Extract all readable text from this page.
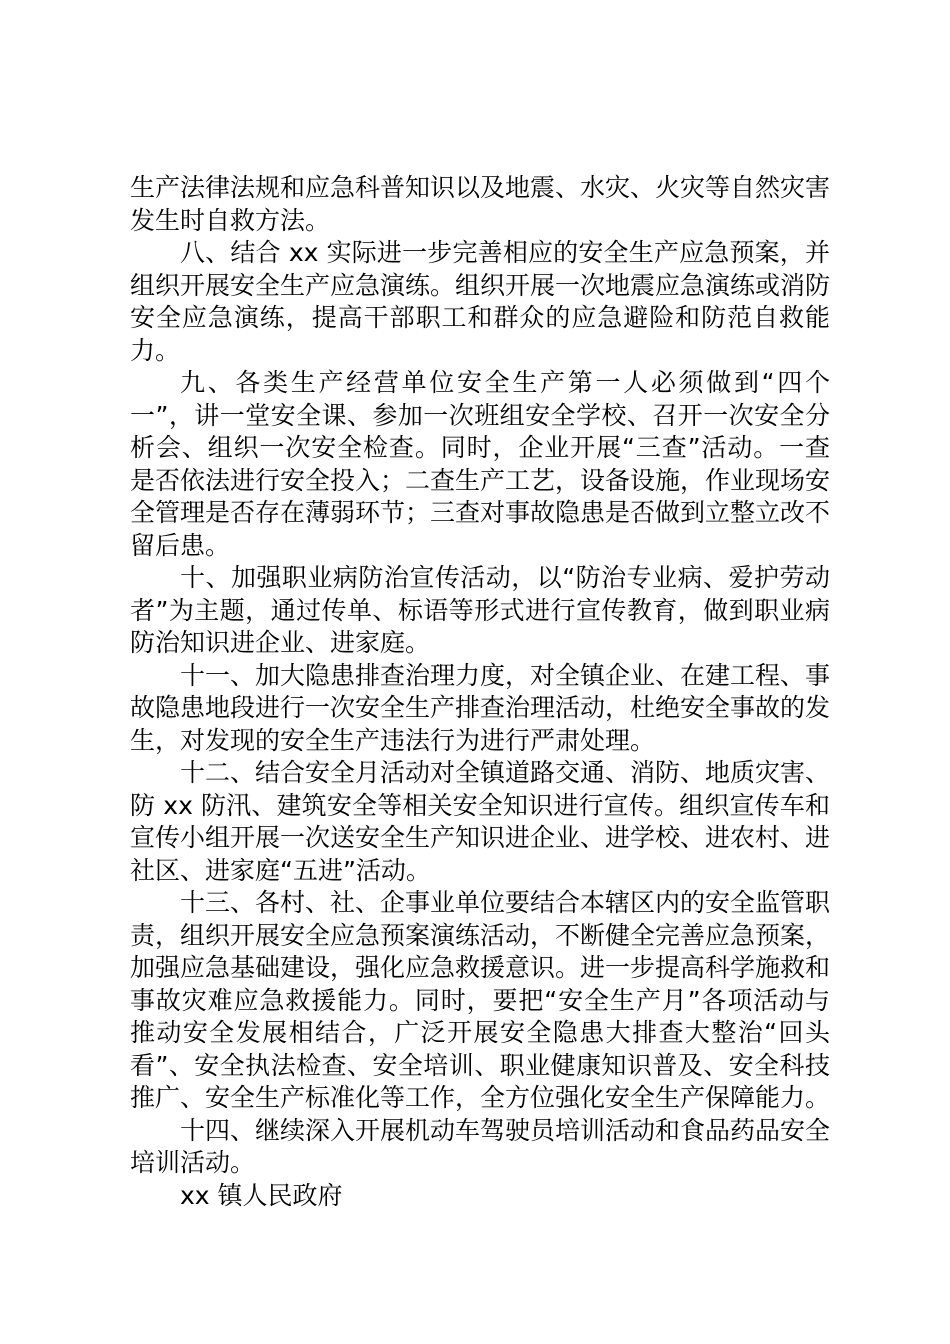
生产法律法规和应急科普知识以及地震、水灾、火灾等自然灾害发生时自救方法。

八、结合 xx 实际进一步完善相应的安全生产应急预案，并组织开展安全生产应急演练。组织开展一次地震应急演练或消防安全应急演练，提高干部职工和群众的应急避险和防范自救能力。

九、各类生产经营单位安全生产第一人必须做到“四个一”，讲一堂安全课、参加一次班组安全学校、召开一次安全分析会、组织一次安全检查。同时，企业开展“三查”活动。一查是否依法进行安全投入；二查生产工艺，设备设施，作业现场安全管理是否存在薄弱环节；三查对事故隐患是否做到立整立改不留后患。

十、加强职业病防治宣传活动，以“防治专业病、爱护劳动者”为主题，通过传单、标语等形式进行宣传教育，做到职业病防治知识进企业、进家庭。

十一、加大隐患排查治理力度，对全镇企业、在建工程、事故隐患地段进行一次安全生产排查治理活动，杜绝安全事故的发生，对发现的安全生产违法行为进行严肃处理。

十二、结合安全月活动对全镇道路交通、消防、地质灾害、防 xx 防汛、建筑安全等相关安全知识进行宣传。组织宣传车和宣传小组开展一次送安全生产知识进企业、进学校、进农村、进社区、进家庭“五进”活动。

十三、各村、社、企事业单位要结合本辖区内的安全监管职责，组织开展安全应急预案演练活动，不断健全完善应急预案，加强应急基础建设，强化应急救援意识。进一步提高科学施救和事故灾难应急救援能力。同时，要把“安全生产月”各项活动与推动安全发展相结合，广泛开展安全隐患大排查大整治“回头看”、安全执法检查、安全培训、职业健康知识普及、安全科技推广、安全生产标准化等工作，全方位强化安全生产保障能力。

十四、继续深入开展机动车驾驶员培训活动和食品药品安全培训活动。

xx 镇人民政府
